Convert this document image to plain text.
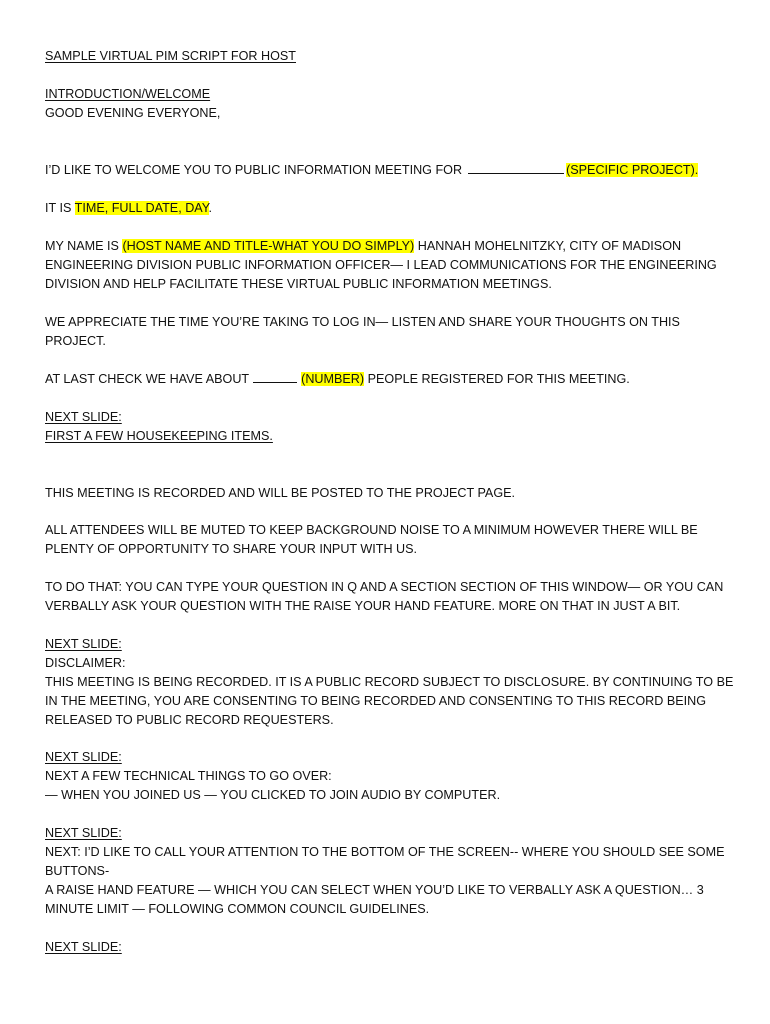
SAMPLE VIRTUAL PIM SCRIPT FOR HOST

INTRODUCTION/WELCOME
GOOD EVENING EVERYONE,

I’D LIKE TO WELCOME YOU TO PUBLIC INFORMATION MEETING FOR	(SPECIFIC PROJECT).

IT IS TIME, FULL DATE, DAY.

MY NAME IS (HOST NAME AND TITLE-WHAT YOU DO SIMPLY) HANNAH MOHELNITZKY, CITY OF MADISON ENGINEERING DIVISION PUBLIC INFORMATION OFFICER— I LEAD COMMUNICATIONS FOR THE ENGINEERING DIVISION AND HELP FACILITATE THESE VIRTUAL PUBLIC INFORMATION MEETINGS.

WE APPRECIATE THE TIME YOU’RE TAKING TO LOG IN— LISTEN AND SHARE YOUR THOUGHTS ON THIS PROJECT.

AT LAST CHECK WE HAVE ABOUT	(NUMBER) PEOPLE REGISTERED FOR THIS MEETING.

NEXT SLIDE:
FIRST A FEW HOUSEKEEPING ITEMS.

THIS MEETING IS RECORDED AND WILL BE POSTED TO THE PROJECT PAGE.

ALL ATTENDEES WILL BE MUTED TO KEEP BACKGROUND NOISE TO A MINIMUM HOWEVER THERE WILL BE PLENTY OF OPPORTUNITY TO SHARE YOUR INPUT WITH US.

TO DO THAT: YOU CAN TYPE YOUR QUESTION IN Q AND A SECTION SECTION OF THIS WINDOW— OR YOU CAN VERBALLY ASK YOUR QUESTION WITH THE RAISE YOUR HAND FEATURE. MORE ON THAT IN JUST A BIT.

NEXT SLIDE:
DISCLAIMER:
THIS MEETING IS BEING RECORDED. IT IS A PUBLIC RECORD SUBJECT TO DISCLOSURE. BY CONTINUING TO BE IN THE MEETING, YOU ARE CONSENTING TO BEING RECORDED AND CONSENTING TO THIS RECORD BEING RELEASED TO PUBLIC RECORD REQUESTERS.

NEXT SLIDE:
NEXT A FEW TECHNICAL THINGS TO GO OVER:
— WHEN YOU JOINED US — YOU CLICKED TO JOIN AUDIO BY COMPUTER.

NEXT SLIDE:
NEXT: I’D LIKE TO CALL YOUR ATTENTION TO THE BOTTOM OF THE SCREEN-- WHERE YOU SHOULD SEE SOME BUTTONS-
A RAISE HAND FEATURE — WHICH YOU CAN SELECT WHEN YOU’D LIKE TO VERBALLY ASK A QUESTION… 3 MINUTE LIMIT — FOLLOWING COMMON COUNCIL GUIDELINES.

NEXT SLIDE:
